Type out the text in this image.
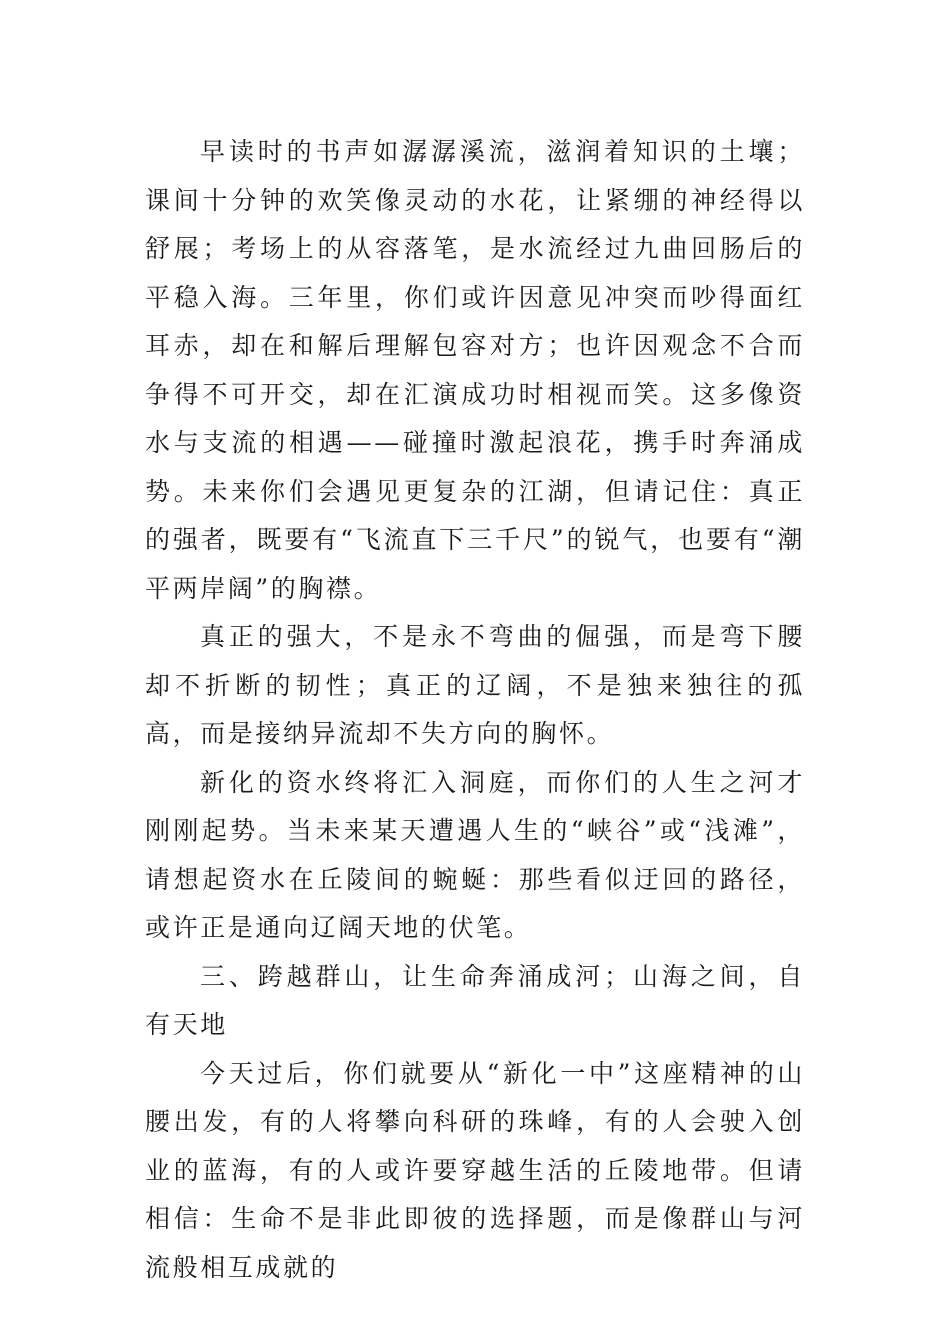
早读时的书声如潺潺溪流，滋润着知识的土壤；课间十分钟的欢笑像灵动的水花，让紧绷的神经得以舒展；考场上的从容落笔，是水流经过九曲回肠后的平稳入海。三年里，你们或许因意见冲突而吵得面红耳赤，却在和解后理解包容对方；也许因观念不合而争得不可开交，却在汇演成功时相视而笑。这多像资水与支流的相遇——碰撞时激起浪花，携手时奔涌成势。未来你们会遇见更复杂的江湖，但请记住：真正的强者，既要有“飞流直下三千尺”的锐气，也要有“潮平两岸阔”的胸襟。

真正的强大，不是永不弯曲的倔强，而是弯下腰却不折断的韧性；真正的辽阔，不是独来独往的孤高，而是接纳异流却不失方向的胸怀。

新化的资水终将汇入洞庭，而你们的人生之河才刚刚起势。当未来某天遭遇人生的“峡谷”或“浅滩”，请想起资水在丘陵间的蜿蜒：那些看似迂回的路径，或许正是通向辽阔天地的伏笔。

三、跨越群山，让生命奔涌成河；山海之间，自有天地

今天过后，你们就要从“新化一中”这座精神的山腰出发，有的人将攀向科研的珠峰，有的人会驶入创业的蓝海，有的人或许要穿越生活的丘陵地带。但请相信：生命不是非此即彼的选择题，而是像群山与河流般相互成就的
